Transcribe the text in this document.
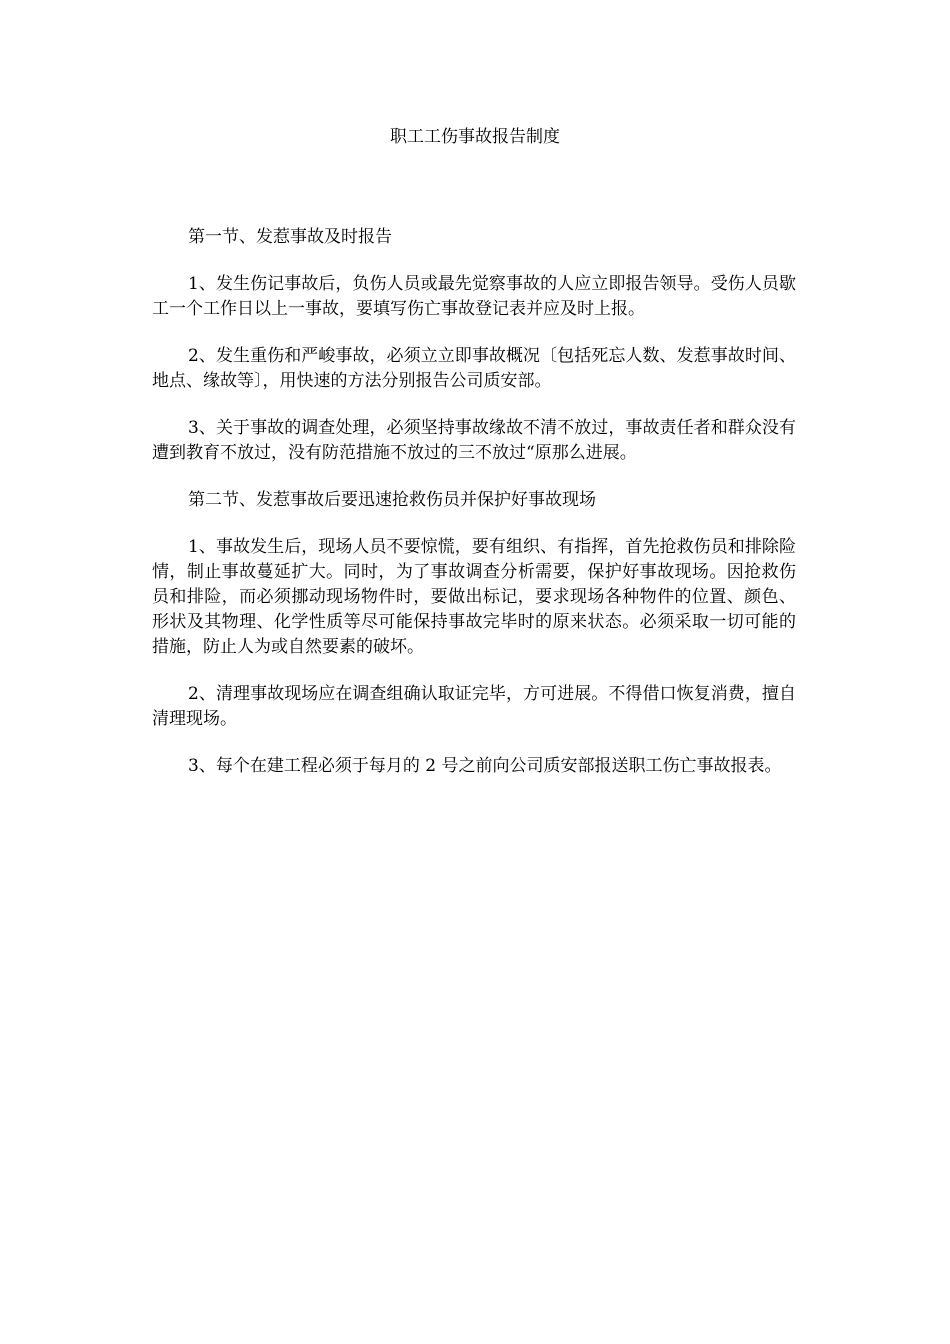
职工工伤事故报告制度

第一节、发惹事故及时报告

1、发生伤记事故后，负伤人员或最先觉察事故的人应立即报告领导。受伤人员歇工一个工作日以上一事故，要填写伤亡事故登记表并应及时上报。

2、发生重伤和严峻事故，必须立立即事故概况〔包括死忘人数、发惹事故时间、地点、缘故等〕，用快速的方法分别报告公司质安部。

3、关于事故的调查处理，必须坚持事故缘故不清不放过，事故责任者和群众没有遭到教育不放过，没有防范措施不放过的三不放过“原那么进展。

第二节、发惹事故后要迅速抢救伤员并保护好事故现场

1、事故发生后，现场人员不要惊慌，要有组织、有指挥，首先抢救伤员和排除险情，制止事故蔓延扩大。同时，为了事故调查分析需要，保护好事故现场。因抢救伤员和排险，而必须挪动现场物件时，要做出标记，要求现场各种物件的位置、颜色、形状及其物理、化学性质等尽可能保持事故完毕时的原来状态。必须采取一切可能的措施，防止人为或自然要素的破坏。

2、清理事故现场应在调查组确认取证完毕，方可进展。不得借口恢复消费，擅自清理现场。

3、每个在建工程必须于每月的 2 号之前向公司质安部报送职工伤亡事故报表。
